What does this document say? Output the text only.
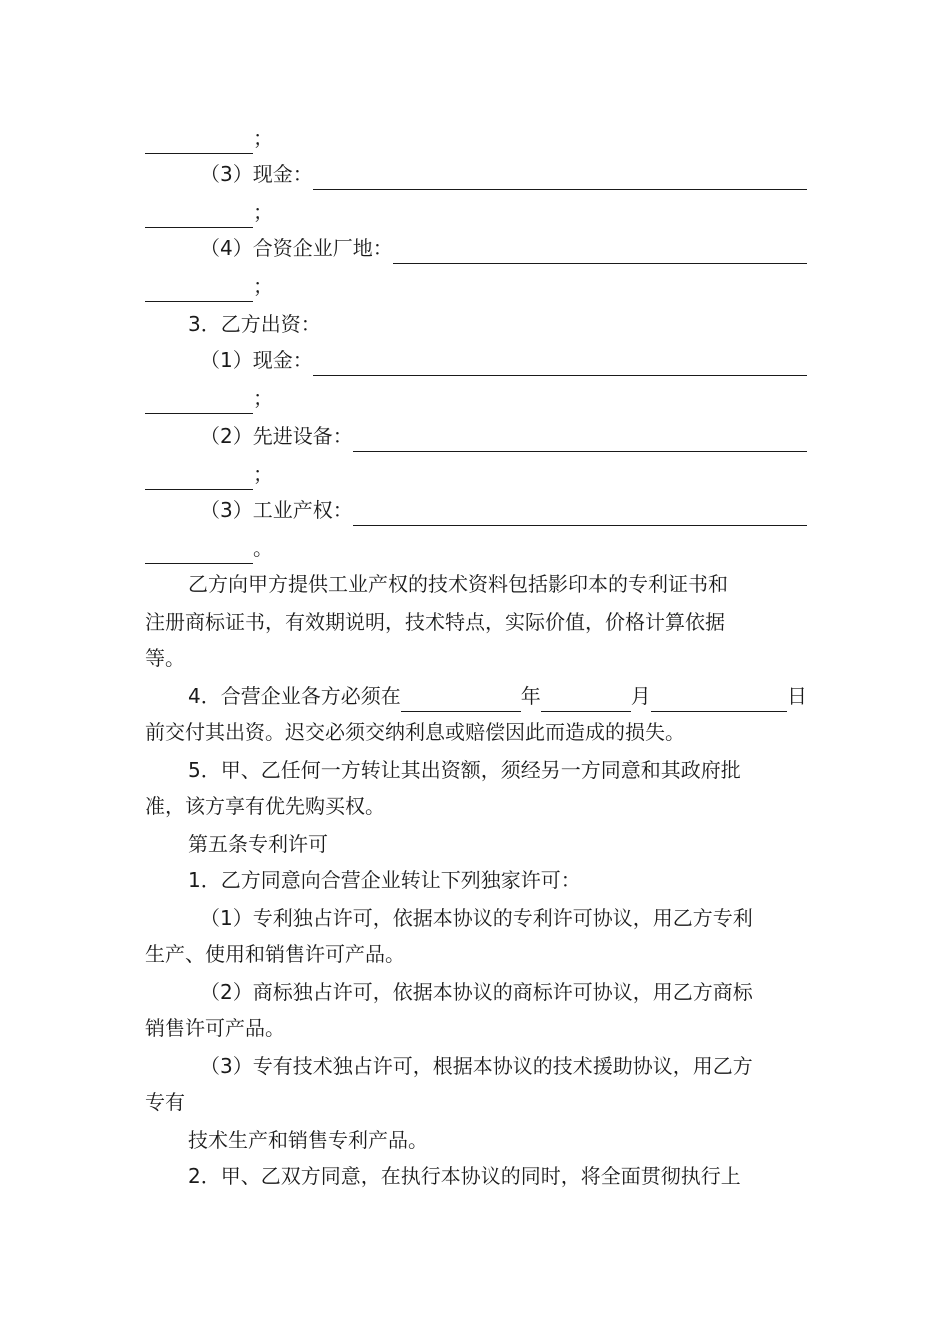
；
（3）现金：
；
（4）合资企业厂地：
；
3．乙方出资：
（1）现金：
；
（2）先进设备：
；
（3）工业产权：
。
乙方向甲方提供工业产权的技术资料包括影印本的专利证书和
注册商标证书，有效期说明，技术特点，实际价值，价格计算依据
等。
4．合营企业各方必须在	年	月	日
前交付其出资。迟交必须交纳利息或赔偿因此而造成的损失。
5．甲、乙任何一方转让其出资额，须经另一方同意和其政府批
准，该方享有优先购买权。
第五条专利许可
1．乙方同意向合营企业转让下列独家许可：
（1）专利独占许可，依据本协议的专利许可协议，用乙方专利
生产、使用和销售许可产品。
（2）商标独占许可，依据本协议的商标许可协议，用乙方商标
销售许可产品。
（3）专有技术独占许可，根据本协议的技术援助协议，用乙方
专有
技术生产和销售专利产品。
2．甲、乙双方同意，在执行本协议的同时，将全面贯彻执行上
